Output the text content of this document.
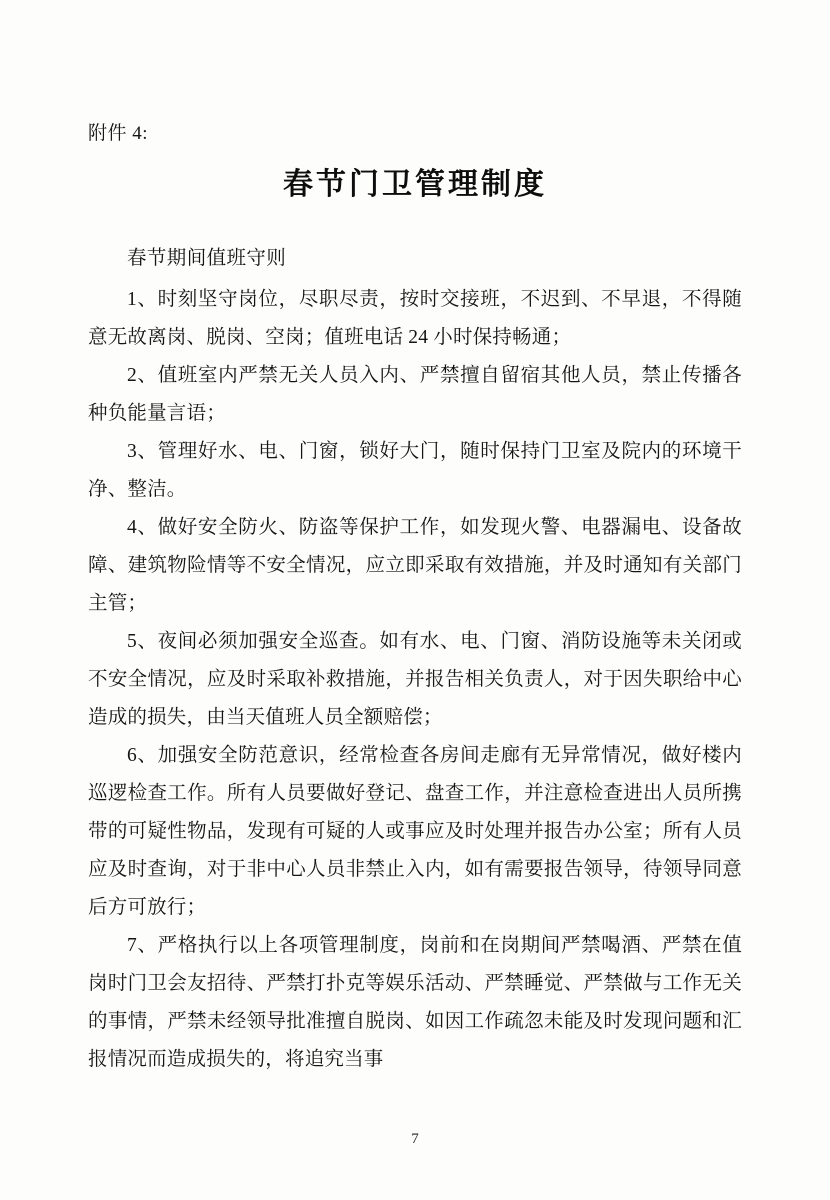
附件 4:
春节门卫管理制度

春节期间值班守则

1、时刻坚守岗位，尽职尽责，按时交接班，不迟到、不早退，不得随意无故离岗、脱岗、空岗；值班电话 24 小时保持畅通；

2、值班室内严禁无关人员入内、严禁擅自留宿其他人员，禁止传播各种负能量言语；

3、管理好水、电、门窗，锁好大门，随时保持门卫室及院内的环境干净、整洁。

4、做好安全防火、防盗等保护工作，如发现火警、电器漏电、设备故障、建筑物险情等不安全情况，应立即采取有效措施，并及时通知有关部门主管；

5、夜间必须加强安全巡查。如有水、电、门窗、消防设施等未关闭或不安全情况，应及时采取补救措施，并报告相关负责人，对于因失职给中心造成的损失，由当天值班人员全额赔偿；

6、加强安全防范意识，经常检查各房间走廊有无异常情况，做好楼内巡逻检查工作。所有人员要做好登记、盘查工作，并注意检查进出人员所携带的可疑性物品，发现有可疑的人或事应及时处理并报告办公室；所有人员应及时查询，对于非中心人员非禁止入内，如有需要报告领导，待领导同意后方可放行；

7、严格执行以上各项管理制度，岗前和在岗期间严禁喝酒、严禁在值岗时门卫会友招待、严禁打扑克等娱乐活动、严禁睡觉、严禁做与工作无关的事情，严禁未经领导批准擅自脱岗、如因工作疏忽未能及时发现问题和汇报情况而造成损失的，将追究当事

7
